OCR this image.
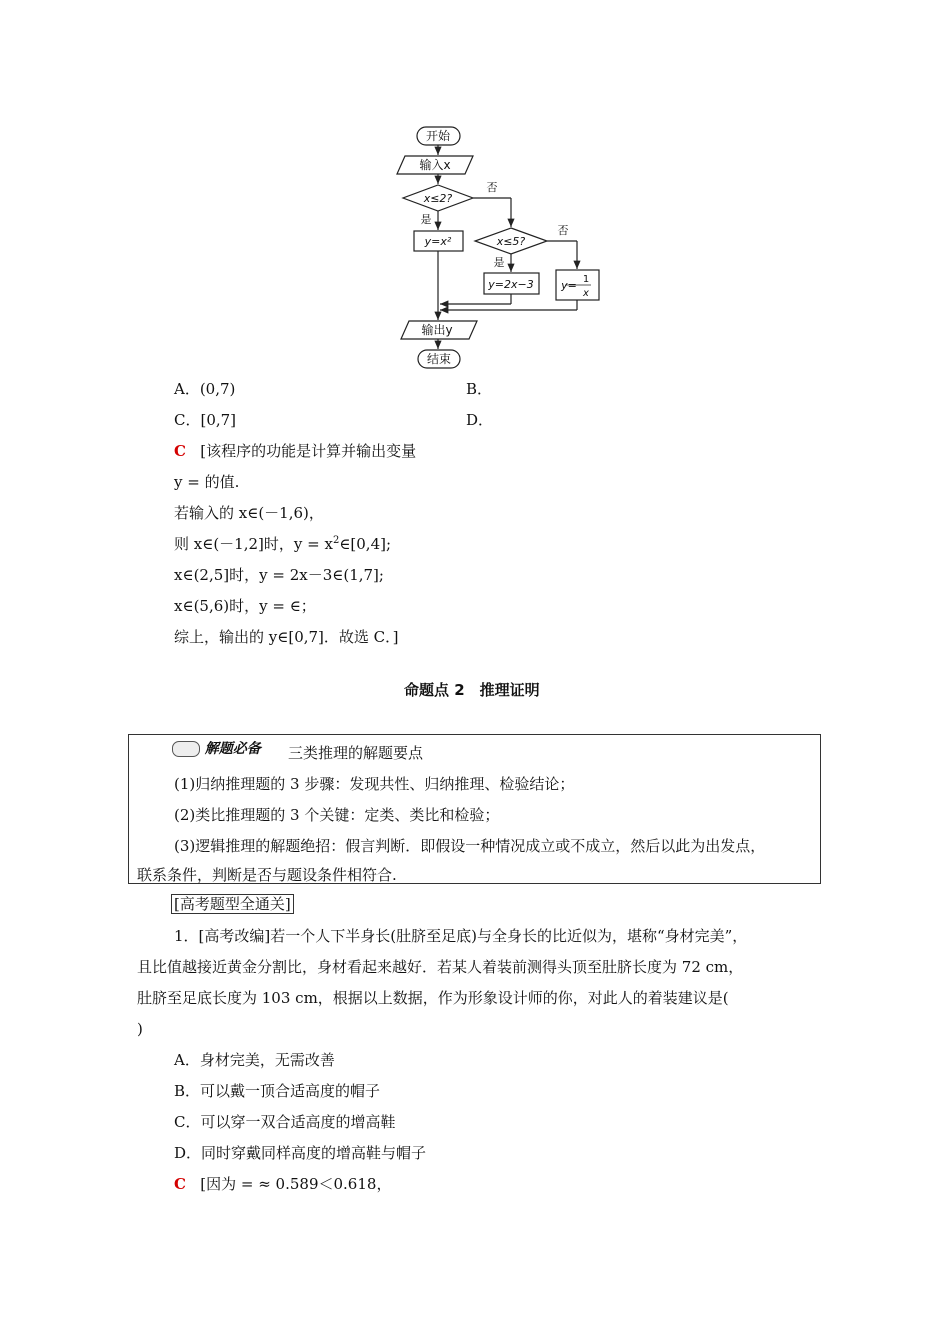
开始
输入x
x≤2?
否
是
y=x²	x≤5?
否
是
y=2x−3 y= 1
x
输出y
结束
A．(0,7)	B．
C．[0,7]	D．
C [该程序的功能是计算并输出变量
y = 的值.
若输入的 x∈(－1,6)，
则 x∈(－1,2]时，$y = x^2\in[0,4]$;
x∈(2,5]时，y = 2x－3∈(1,7];
x∈(5,6)时，y = ∈；
综上，输出的 y∈[0,7]．故选 C．]
命题点 2　推理证明
解题必备 三类推理的解题要点
(1)归纳推理题的 3 步骤：发现共性、归纳推理、检验结论；
(2)类比推理题的 3 个关键：定类、类比和检验；
(3)逻辑推理的解题绝招：假言判断．即假设一种情况成立或不成立，然后以此为出发点，
联系条件，判断是否与题设条件相符合.
[高考题型全通关]
1．[高考改编]若一个人下半身长(肚脐至足底)与全身长的比近似为，堪称“身材完美”，
且比值越接近黄金分割比，身材看起来越好．若某人着装前测得头顶至肚脐长度为 72 cm，
肚脐至足底长度为 103 cm，根据以上数据，作为形象设计师的你，对此人的着装建议是(
)
A．身材完美，无需改善
B．可以戴一顶合适高度的帽子
C．可以穿一双合适高度的增高鞋
D．同时穿戴同样高度的增高鞋与帽子
C [因为 = ≈ 0.589＜0.618，
